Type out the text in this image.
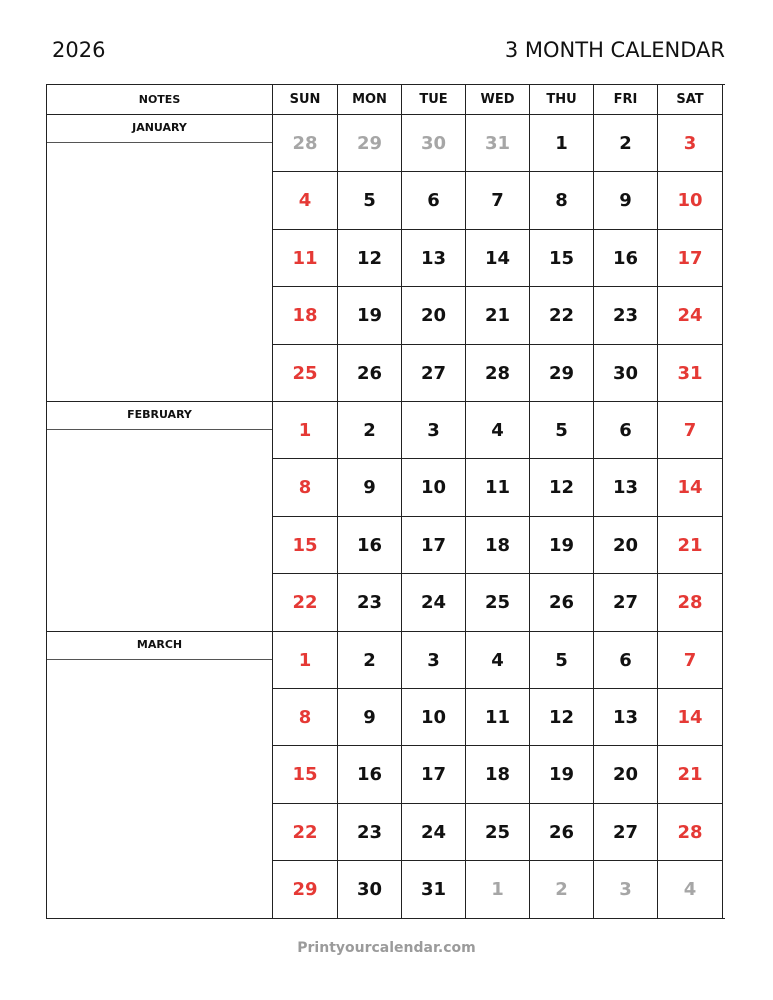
2026	3 MONTH CALENDAR
NOTES
JANUARY
FEBRUARY
MARCH
SUN	MON	TUE	WED	THU	FRI	SAT
28	29	30	31	1	2	3
4	5	6	7	8	9	10
11	12	13	14	15	16	17
18	19	20	21	22	23	24
25	26	27	28	29	30	31
1	2	3	4	5	6	7
8	9	10	11	12	13	14
15	16	17	18	19	20	21
22	23	24	25	26	27	28
1	2	3	4	5	6	7
8	9	10	11	12	13	14
15	16	17	18	19	20	21
22	23	24	25	26	27	28
29	30	31	1	2	3	4
Printyourcalendar.com
